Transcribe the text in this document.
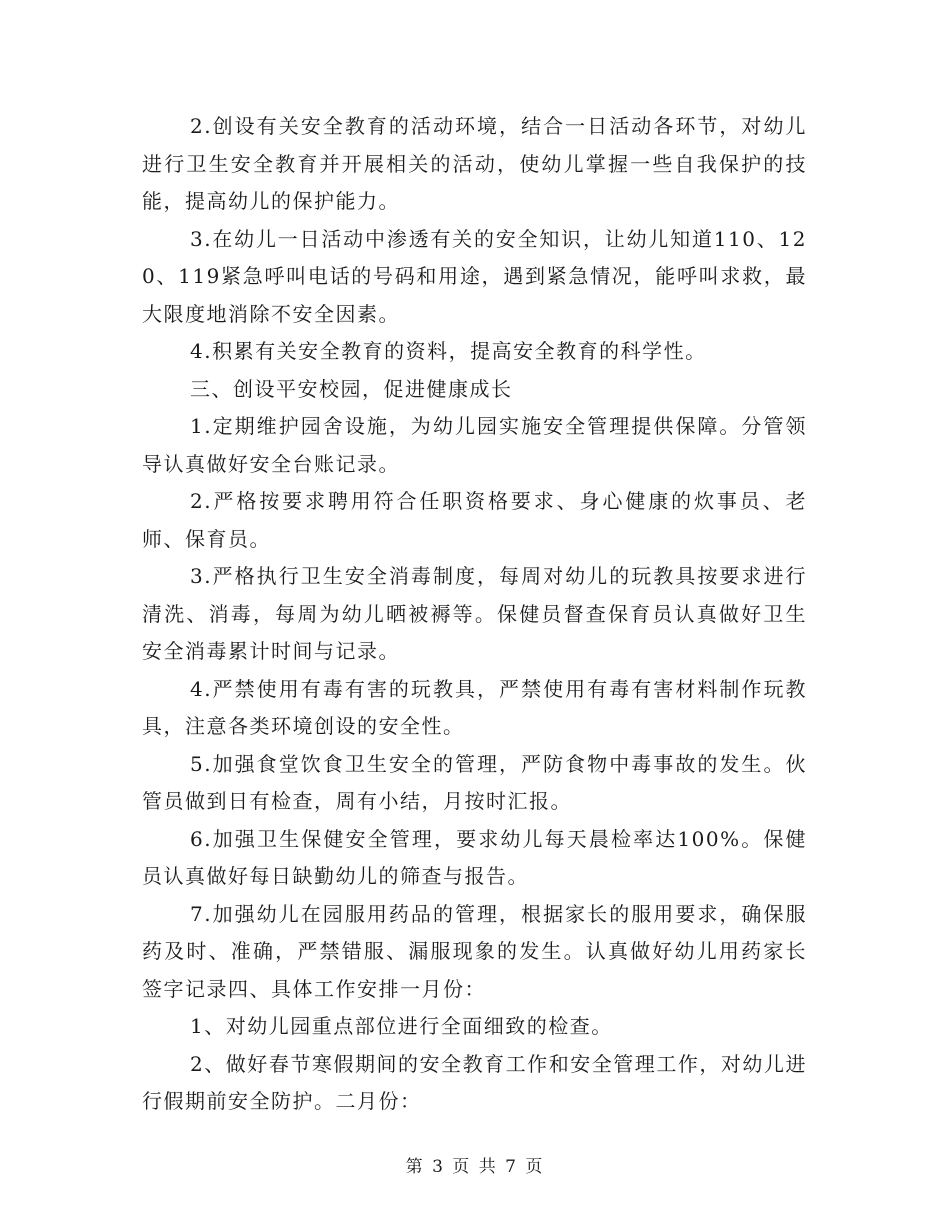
2.创设有关安全教育的活动环境，结合一日活动各环节，对幼儿进行卫生安全教育并开展相关的活动，使幼儿掌握一些自我保护的技能，提高幼儿的保护能力。

3.在幼儿一日活动中渗透有关的安全知识，让幼儿知道110、120、119紧急呼叫电话的号码和用途，遇到紧急情况，能呼叫求救，最大限度地消除不安全因素。

4.积累有关安全教育的资料，提高安全教育的科学性。

三、创设平安校园，促进健康成长

1.定期维护园舍设施，为幼儿园实施安全管理提供保障。分管领导认真做好安全台账记录。

2.严格按要求聘用符合任职资格要求、身心健康的炊事员、老师、保育员。

3.严格执行卫生安全消毒制度，每周对幼儿的玩教具按要求进行清洗、消毒，每周为幼儿晒被褥等。保健员督查保育员认真做好卫生安全消毒累计时间与记录。

4.严禁使用有毒有害的玩教具，严禁使用有毒有害材料制作玩教具，注意各类环境创设的安全性。

5.加强食堂饮食卫生安全的管理，严防食物中毒事故的发生。伙管员做到日有检查，周有小结，月按时汇报。

6.加强卫生保健安全管理，要求幼儿每天晨检率达100%。保健员认真做好每日缺勤幼儿的筛查与报告。

7.加强幼儿在园服用药品的管理，根据家长的服用要求，确保服药及时、准确，严禁错服、漏服现象的发生。认真做好幼儿用药家长签字记录四、具体工作安排一月份：

1、对幼儿园重点部位进行全面细致的检查。

2、做好春节寒假期间的安全教育工作和安全管理工作，对幼儿进行假期前安全防护。二月份：

第 3 页 共 7 页
